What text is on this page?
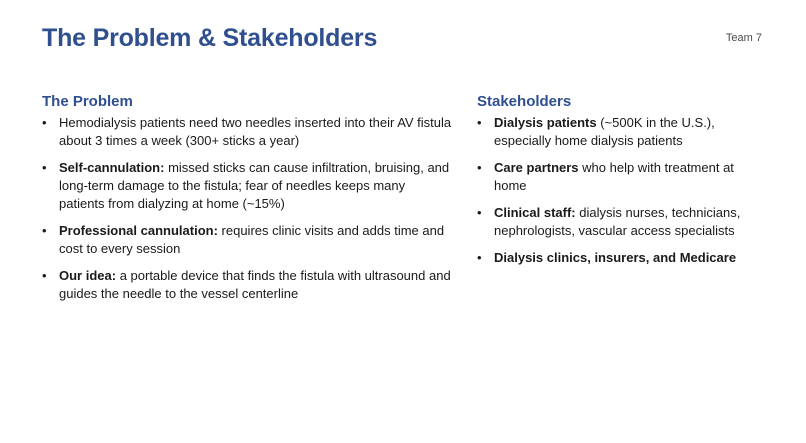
The Problem & Stakeholders	Team 7
The Problem
• Hemodialysis patients need two needles inserted into their AV fistula about 3 times a week (300+ sticks a year)
• Self-cannulation: missed sticks can cause infiltration, bruising, and long-term damage to the fistula; fear of needles keeps many patients from dialyzing at home (~15%)
• Professional cannulation: requires clinic visits and adds time and cost to every session
• Our idea: a portable device that finds the fistula with ultrasound and guides the needle to the vessel centerline
Stakeholders
• Dialysis patients (~500K in the U.S.), especially home dialysis patients
• Care partners who help with treatment at home
• Clinical staff: dialysis nurses, technicians, nephrologists, vascular access specialists
• Dialysis clinics, insurers, and Medicare
